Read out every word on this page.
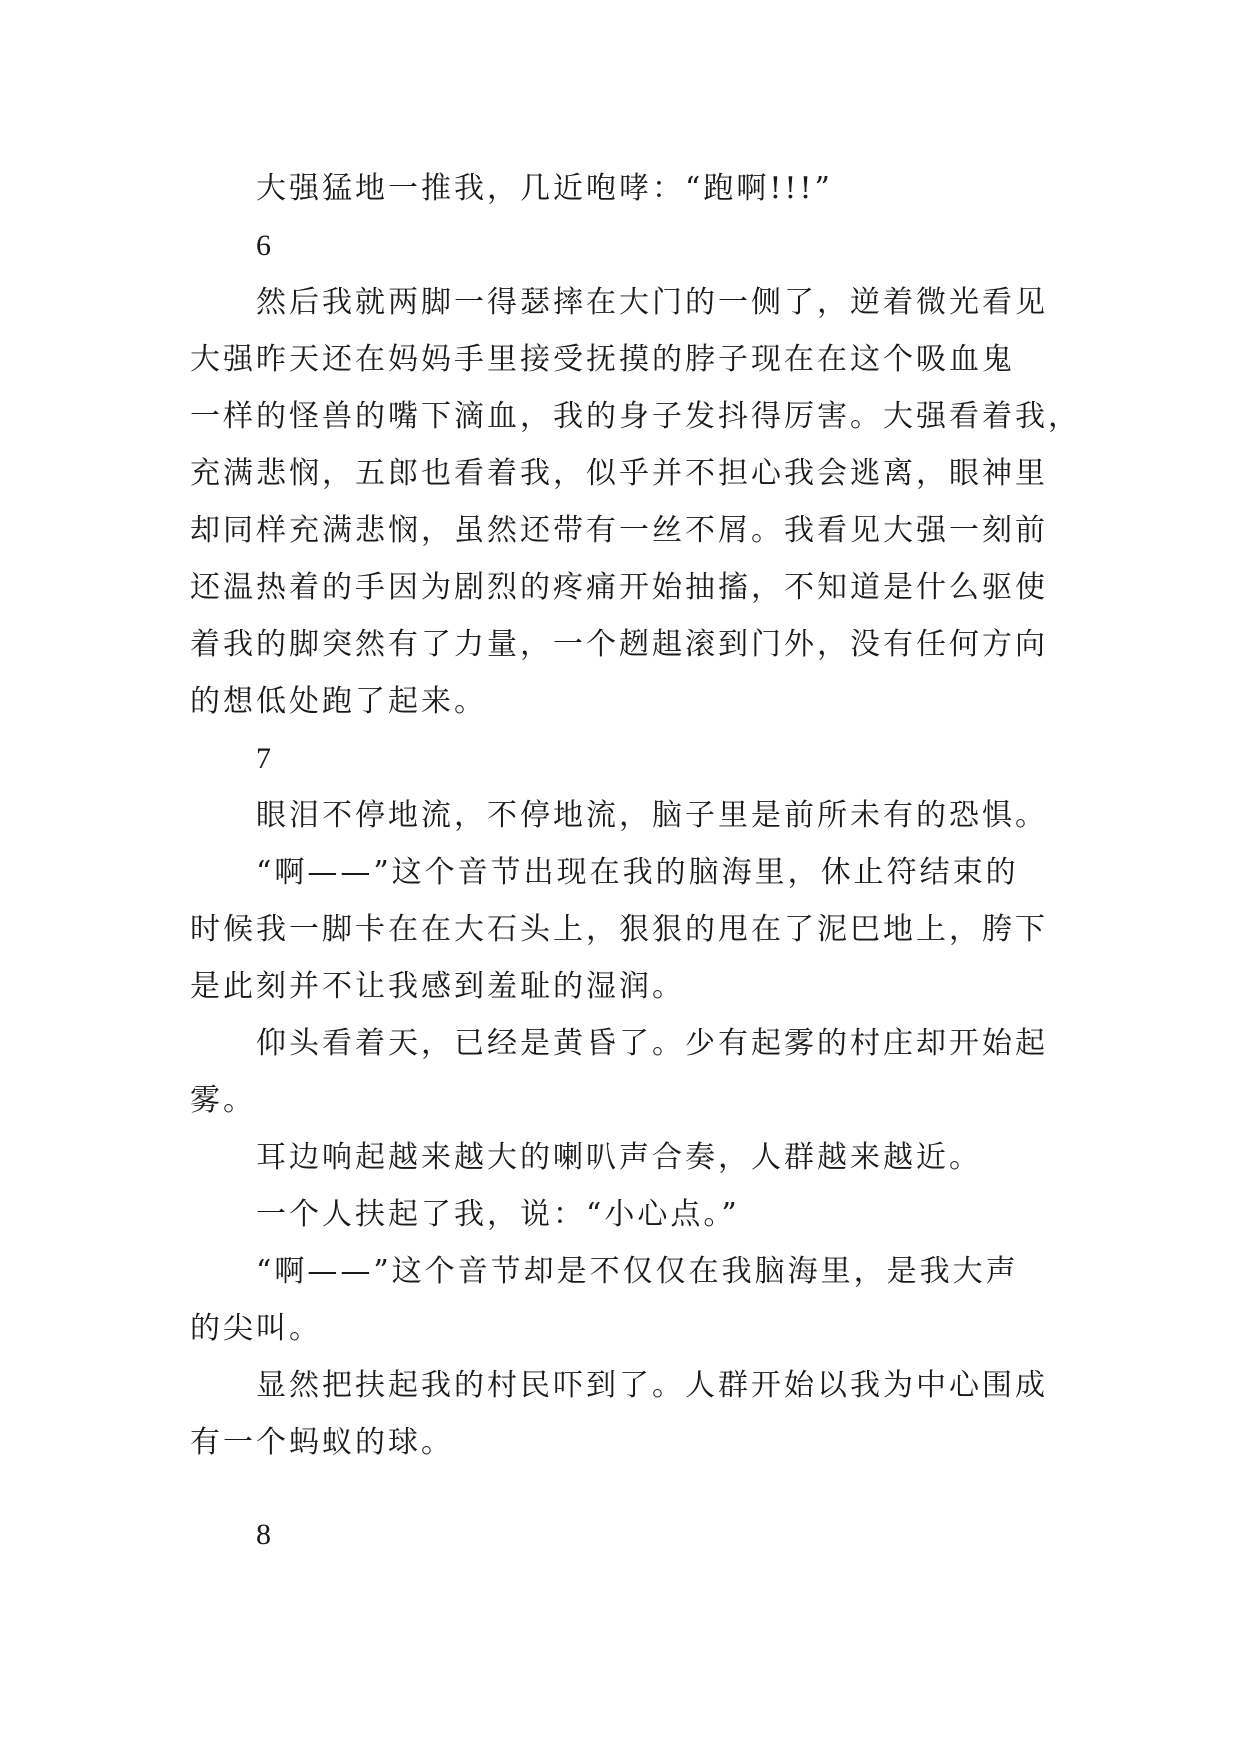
大强猛地一推我，几近咆哮：“跑啊!!!”
6
然后我就两脚一得瑟摔在大门的一侧了，逆着微光看见
大强昨天还在妈妈手里接受抚摸的脖子现在在这个吸血鬼
一样的怪兽的嘴下滴血，我的身子发抖得厉害。大强看着我，
充满悲悯，五郎也看着我，似乎并不担心我会逃离，眼神里
却同样充满悲悯，虽然还带有一丝不屑。我看见大强一刻前
还温热着的手因为剧烈的疼痛开始抽搐，不知道是什么驱使
着我的脚突然有了力量，一个趔趄滚到门外，没有任何方向
的想低处跑了起来。
7
眼泪不停地流，不停地流，脑子里是前所未有的恐惧。
“啊——”这个音节出现在我的脑海里，休止符结束的
时候我一脚卡在在大石头上，狠狠的甩在了泥巴地上，胯下
是此刻并不让我感到羞耻的湿润。
仰头看着天，已经是黄昏了。少有起雾的村庄却开始起
雾。
耳边响起越来越大的喇叭声合奏，人群越来越近。
一个人扶起了我，说：“小心点。”
“啊——”这个音节却是不仅仅在我脑海里，是我大声
的尖叫。
显然把扶起我的村民吓到了。人群开始以我为中心围成
有一个蚂蚁的球。
8
